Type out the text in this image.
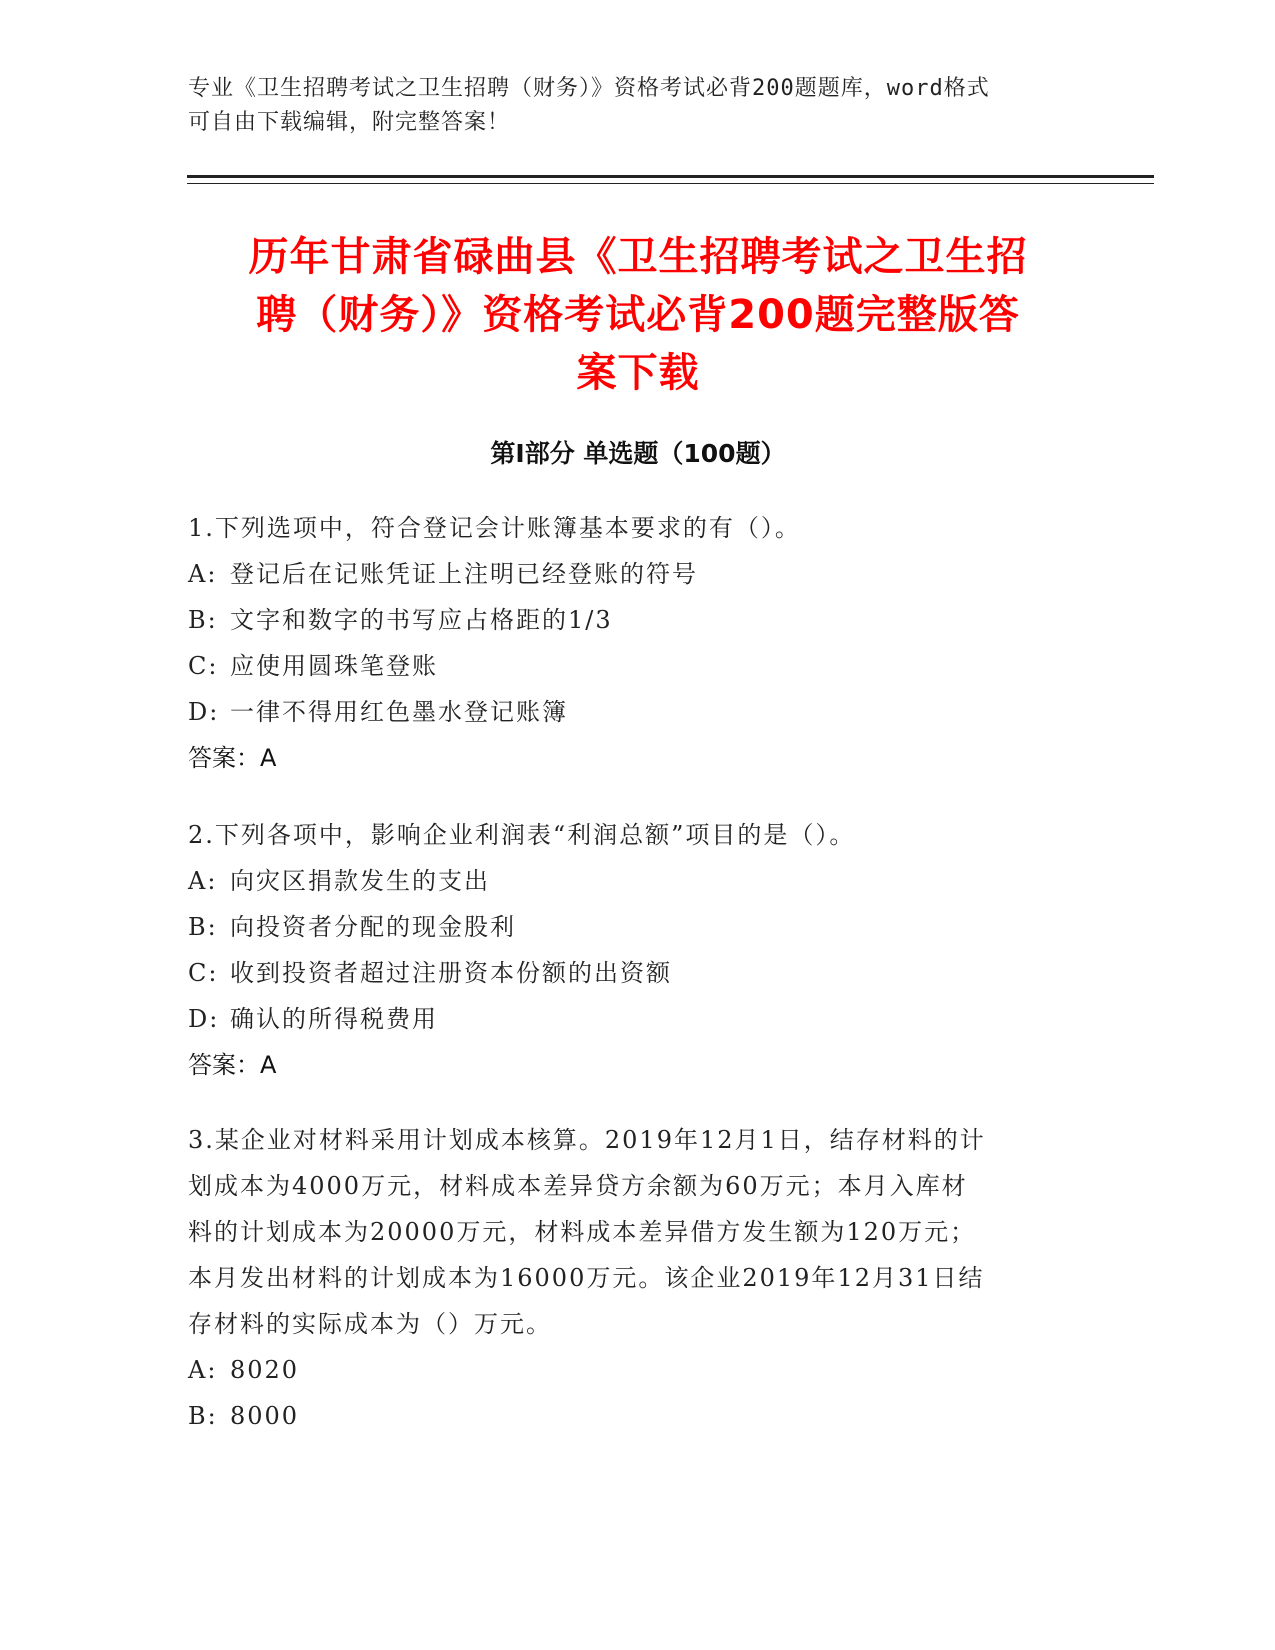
专业《卫生招聘考试之卫生招聘（财务）》资格考试必背200题题库，word格式
可自由下载编辑，附完整答案！
历年甘肃省碌曲县《卫生招聘考试之卫生招
聘（财务）》资格考试必背200题完整版答
案下载
第Ⅰ部分 单选题（100题）

1.下列选项中，符合登记会计账簿基本要求的有（）。

A: 登记后在记账凭证上注明已经登账的符号

B: 文字和数字的书写应占格距的1/3

C: 应使用圆珠笔登账

D: 一律不得用红色墨水登记账簿

答案：A

2.下列各项中，影响企业利润表“利润总额”项目的是（）。

A: 向灾区捐款发生的支出

B: 向投资者分配的现金股利

C: 收到投资者超过注册资本份额的出资额

D: 确认的所得税费用

答案：A

3.某企业对材料采用计划成本核算。2019年12月1日，结存材料的计

划成本为4000万元，材料成本差异贷方余额为60万元；本月入库材

料的计划成本为20000万元，材料成本差异借方发生额为120万元；

本月发出材料的计划成本为16000万元。该企业2019年12月31日结

存材料的实际成本为（）万元。

A: 8020

B: 8000
